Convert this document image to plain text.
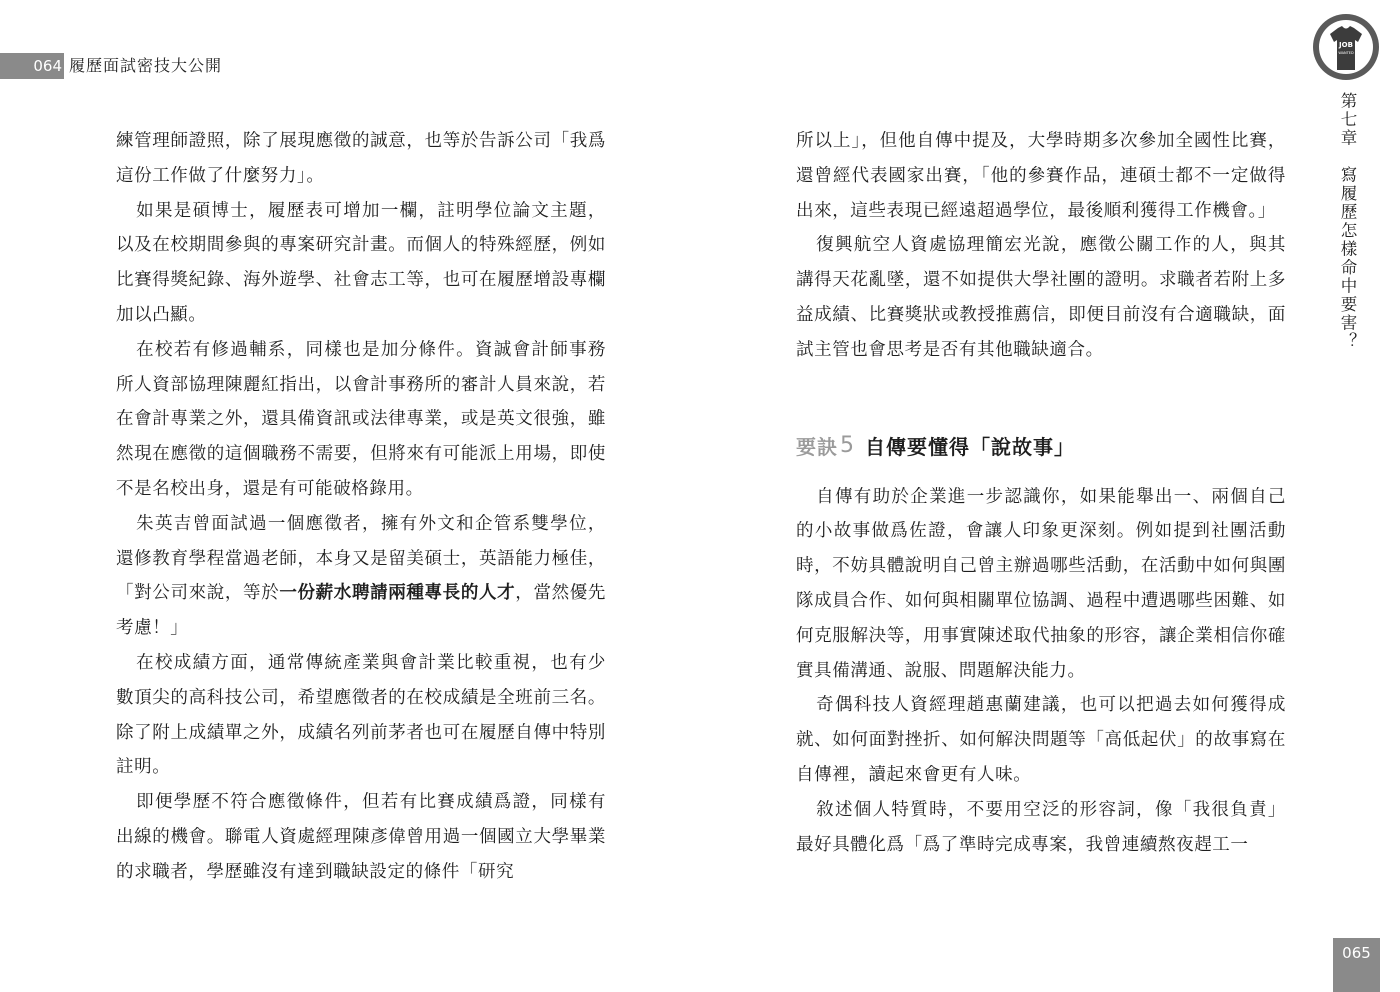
064 履歷面試密技大公開

練管理師證照，除了展現應徵的誠意，也等於告訴公司「我爲這份工作做了什麼努力」。

如果是碩博士，履歷表可增加一欄，註明學位論文主題，以及在校期間參與的專案研究計畫。而個人的特殊經歷，例如比賽得獎紀錄、海外遊學、社會志工等，也可在履歷增設專欄加以凸顯。

在校若有修過輔系，同樣也是加分條件。資誠會計師事務所人資部協理陳麗紅指出，以會計事務所的審計人員來說，若在會計專業之外，還具備資訊或法律專業，或是英文很強，雖然現在應徵的這個職務不需要，但將來有可能派上用場，即使不是名校出身，還是有可能破格錄用。

朱英吉曾面試過一個應徵者，擁有外文和企管系雙學位，還修教育學程當過老師，本身又是留美碩士，英語能力極佳，「對公司來說，等於一份薪水聘請兩種專長的人才，當然優先考慮！」

在校成績方面，通常傳統產業與會計業比較重視，也有少數頂尖的高科技公司，希望應徵者的在校成績是全班前三名。除了附上成績單之外，成績名列前茅者也可在履歷自傳中特別註明。

即便學歷不符合應徵條件，但若有比賽成績爲證，同樣有出線的機會。聯電人資處經理陳彥偉曾用過一個國立大學畢業的求職者，學歷雖沒有達到職缺設定的條件「研究

所以上」，但他自傳中提及，大學時期多次參加全國性比賽，還曾經代表國家出賽，「他的參賽作品，連碩士都不一定做得出來，這些表現已經遠超過學位，最後順利獲得工作機會。」

復興航空人資處協理簡宏光說，應徵公關工作的人，與其講得天花亂墜，還不如提供大學社團的證明。求職者若附上多益成績、比賽獎狀或教授推薦信，即便目前沒有合適職缺，面試主管也會思考是否有其他職缺適合。

要訣 5 自傳要懂得「說故事」

自傳有助於企業進一步認識你，如果能舉出一、兩個自己的小故事做爲佐證，會讓人印象更深刻。例如提到社團活動時，不妨具體說明自己曾主辦過哪些活動，在活動中如何與團隊成員合作、如何與相關單位協調、過程中遭遇哪些困難、如何克服解決等，用事實陳述取代抽象的形容，讓企業相信你確實具備溝通、說服、問題解決能力。

奇偶科技人資經理趙惠蘭建議，也可以把過去如何獲得成就、如何面對挫折、如何解決問題等「高低起伏」的故事寫在自傳裡，讀起來會更有人味。

敘述個人特質時，不要用空泛的形容詞，像「我很負責」最好具體化爲「爲了準時完成專案，我曾連續熬夜趕工一

JOB
WANTED
第七章　寫履歷怎樣命中要害？
065
